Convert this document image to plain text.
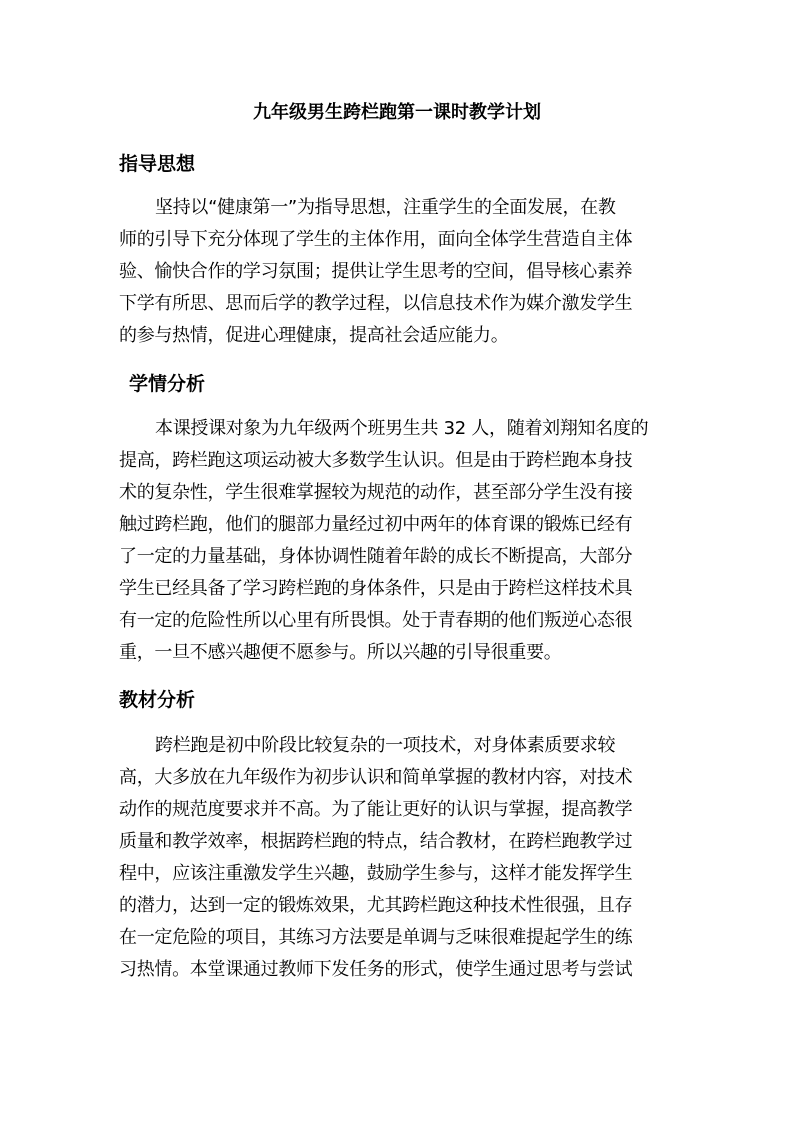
九年级男生跨栏跑第一课时教学计划
指导思想
坚持以“健康第一”为指导思想，注重学生的全面发展，在教
师的引导下充分体现了学生的主体作用，面向全体学生营造自主体
验、愉快合作的学习氛围；提供让学生思考的空间，倡导核心素养
下学有所思、思而后学的教学过程，以信息技术作为媒介激发学生
的参与热情，促进心理健康，提高社会适应能力。
学情分析
本课授课对象为九年级两个班男生共 32 人，随着刘翔知名度的
提高，跨栏跑这项运动被大多数学生认识。但是由于跨栏跑本身技
术的复杂性，学生很难掌握较为规范的动作，甚至部分学生没有接
触过跨栏跑，他们的腿部力量经过初中两年的体育课的锻炼已经有
了一定的力量基础，身体协调性随着年龄的成长不断提高，大部分
学生已经具备了学习跨栏跑的身体条件，只是由于跨栏这样技术具
有一定的危险性所以心里有所畏惧。处于青春期的他们叛逆心态很
重，一旦不感兴趣便不愿参与。所以兴趣的引导很重要。
教材分析
跨栏跑是初中阶段比较复杂的一项技术，对身体素质要求较
高，大多放在九年级作为初步认识和简单掌握的教材内容，对技术
动作的规范度要求并不高。为了能让更好的认识与掌握，提高教学
质量和教学效率，根据跨栏跑的特点，结合教材，在跨栏跑教学过
程中，应该注重激发学生兴趣，鼓励学生参与，这样才能发挥学生
的潜力，达到一定的锻炼效果，尤其跨栏跑这种技术性很强，且存
在一定危险的项目，其练习方法要是单调与乏味很难提起学生的练
习热情。本堂课通过教师下发任务的形式，使学生通过思考与尝试
